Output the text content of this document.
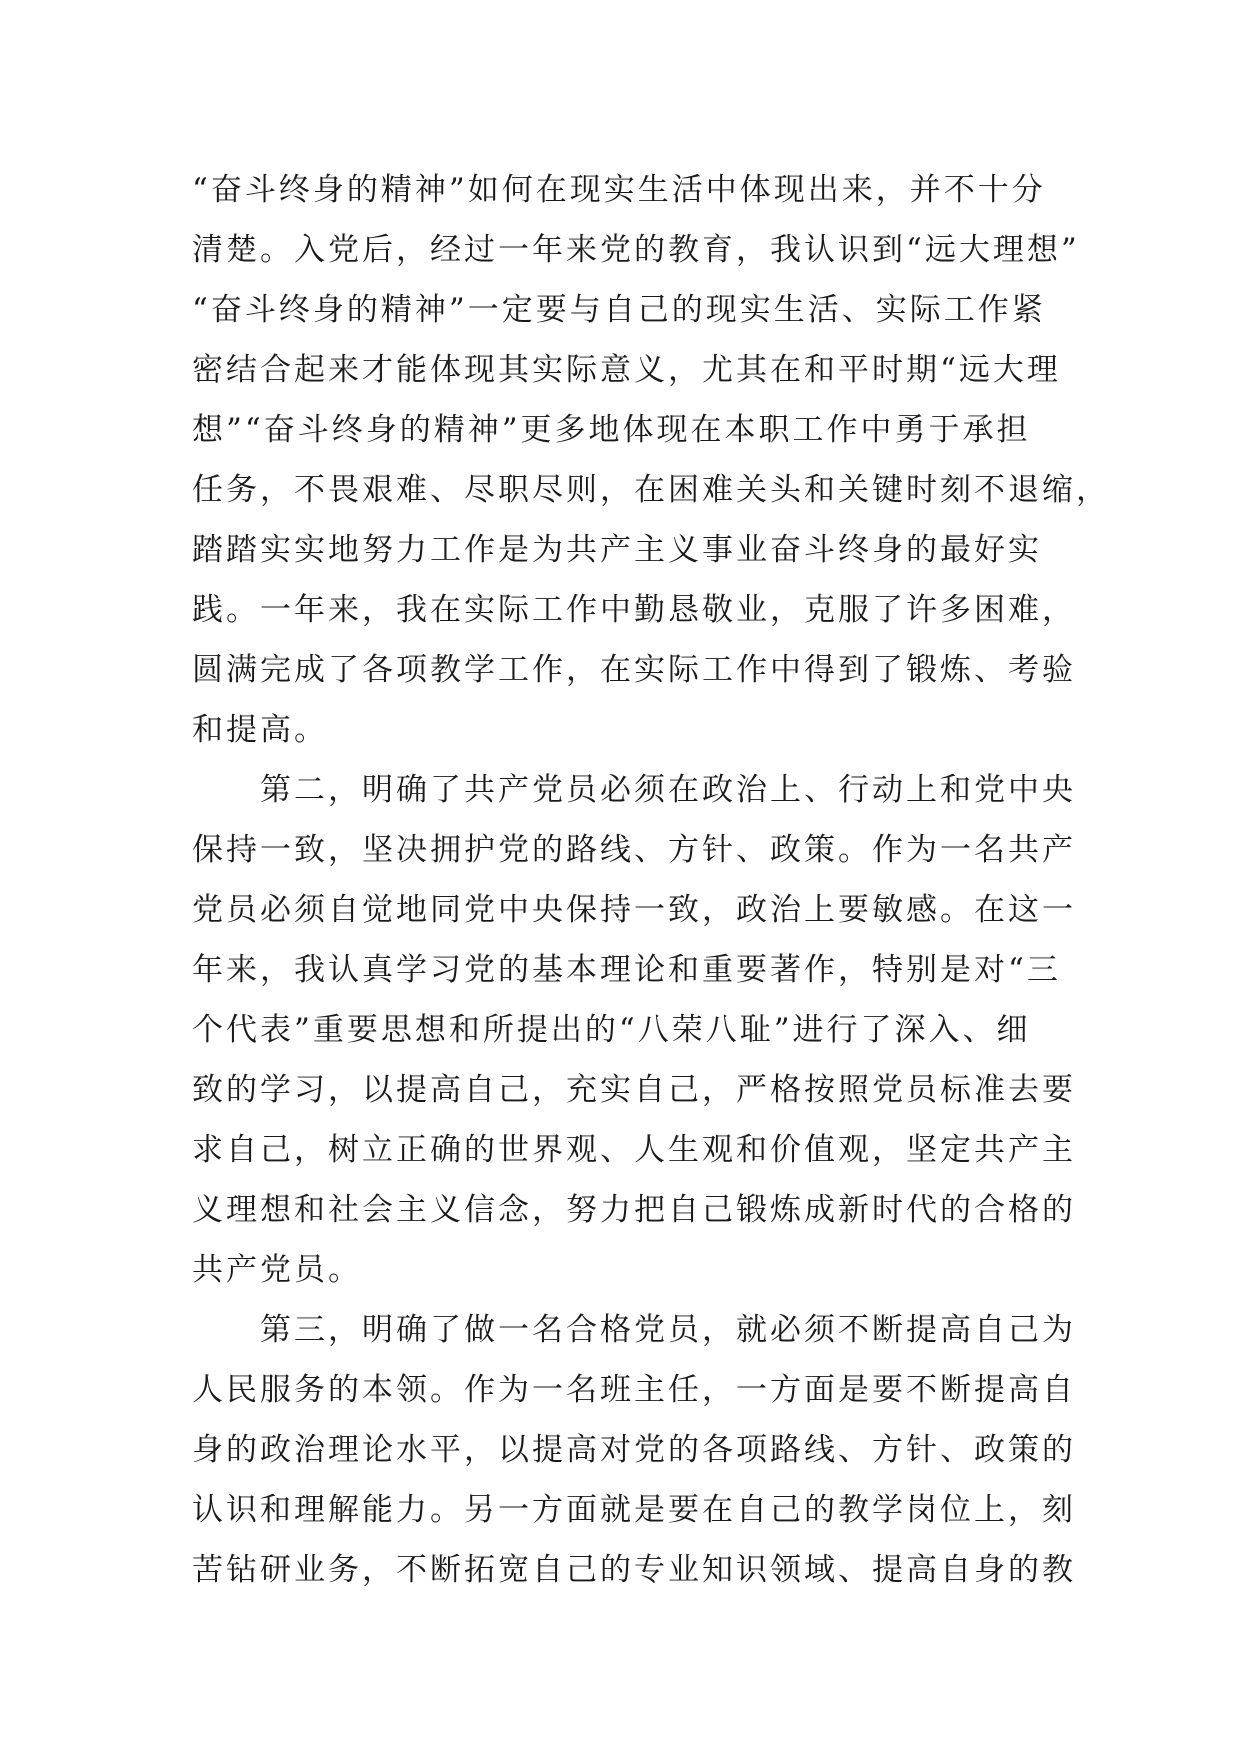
“奋斗终身的精神”如何在现实生活中体现出来，并不十分
清楚。入党后，经过一年来党的教育，我认识到“远大理想”
“奋斗终身的精神”一定要与自己的现实生活、实际工作紧
密结合起来才能体现其实际意义，尤其在和平时期“远大理
想”“奋斗终身的精神”更多地体现在本职工作中勇于承担
任务，不畏艰难、尽职尽则，在困难关头和关键时刻不退缩，
踏踏实实地努力工作是为共产主义事业奋斗终身的最好实
践。一年来，我在实际工作中勤恳敬业，克服了许多困难，
圆满完成了各项教学工作，在实际工作中得到了锻炼、考验
和提高。
　　第二，明确了共产党员必须在政治上、行动上和党中央
保持一致，坚决拥护党的路线、方针、政策。作为一名共产
党员必须自觉地同党中央保持一致，政治上要敏感。在这一
年来，我认真学习党的基本理论和重要著作，特别是对“三
个代表”重要思想和所提出的“八荣八耻”进行了深入、细
致的学习，以提高自己，充实自己，严格按照党员标准去要
求自己，树立正确的世界观、人生观和价值观，坚定共产主
义理想和社会主义信念，努力把自己锻炼成新时代的合格的
共产党员。
　　第三，明确了做一名合格党员，就必须不断提高自己为
人民服务的本领。作为一名班主任，一方面是要不断提高自
身的政治理论水平，以提高对党的各项路线、方针、政策的
认识和理解能力。另一方面就是要在自己的教学岗位上，刻
苦钻研业务，不断拓宽自己的专业知识领域、提高自身的教
